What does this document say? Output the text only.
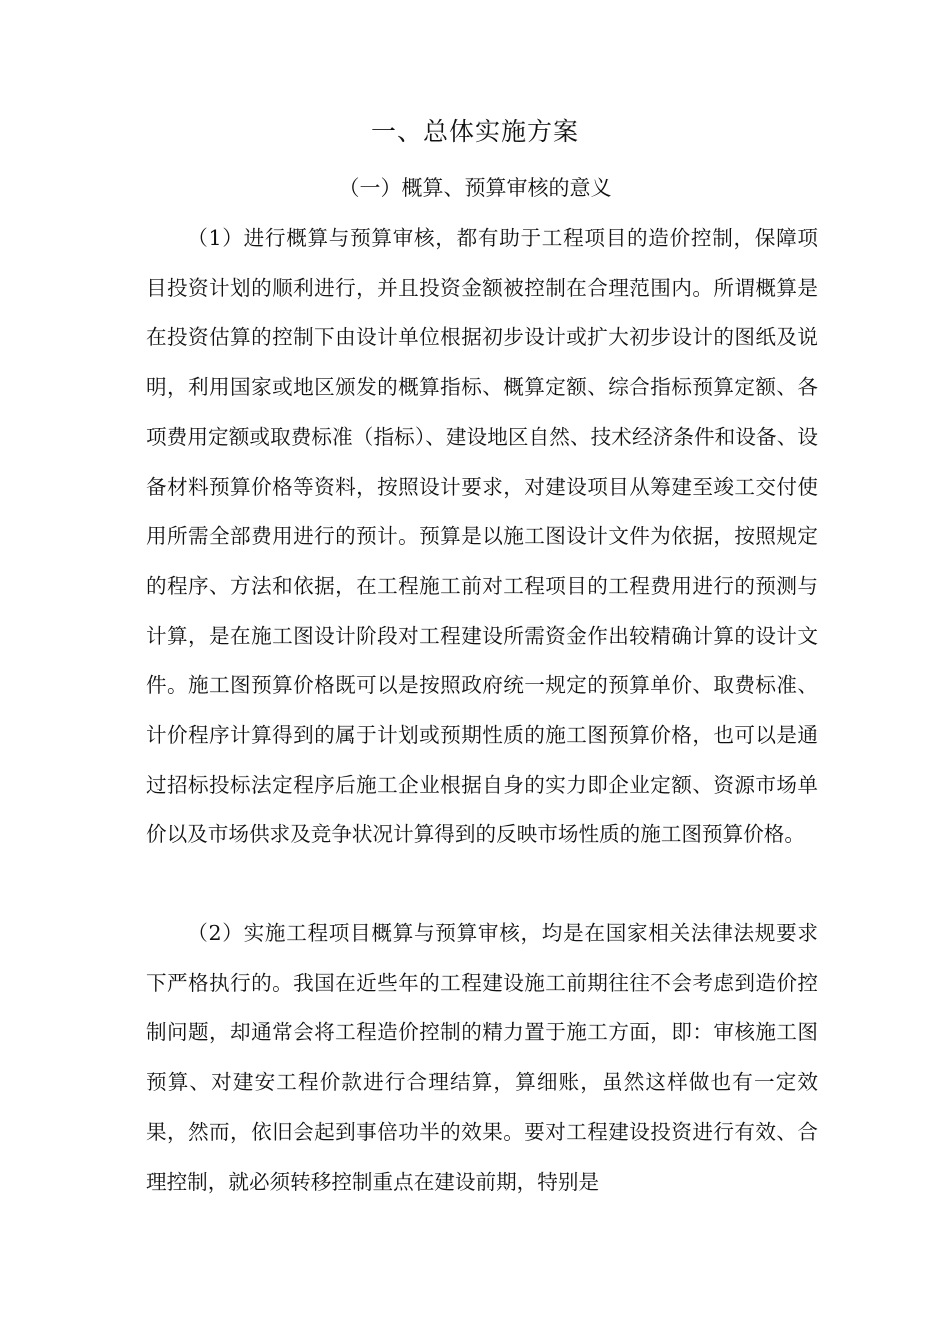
一、总体实施方案
（一）概算、预算审核的意义

（1）进行概算与预算审核，都有助于工程项目的造价控制，保障项目投资计划的顺利进行，并且投资金额被控制在合理范围内。所谓概算是在投资估算的控制下由设计单位根据初步设计或扩大初步设计的图纸及说明，利用国家或地区颁发的概算指标、概算定额、综合指标预算定额、各项费用定额或取费标准（指标）、建设地区自然、技术经济条件和设备、设备材料预算价格等资料，按照设计要求，对建设项目从筹建至竣工交付使用所需全部费用进行的预计。预算是以施工图设计文件为依据，按照规定的程序、方法和依据，在工程施工前对工程项目的工程费用进行的预测与计算，是在施工图设计阶段对工程建设所需资金作出较精确计算的设计文件。施工图预算价格既可以是按照政府统一规定的预算单价、取费标准、计价程序计算得到的属于计划或预期性质的施工图预算价格，也可以是通过招标投标法定程序后施工企业根据自身的实力即企业定额、资源市场单价以及市场供求及竞争状况计算得到的反映市场性质的施工图预算价格。

（2）实施工程项目概算与预算审核，均是在国家相关法律法规要求下严格执行的。我国在近些年的工程建设施工前期往往不会考虑到造价控制问题，却通常会将工程造价控制的精力置于施工方面，即：审核施工图预算、对建安工程价款进行合理结算，算细账，虽然这样做也有一定效果，然而，依旧会起到事倍功半的效果。要对工程建设投资进行有效、合理控制，就必须转移控制重点在建设前期，特别是
